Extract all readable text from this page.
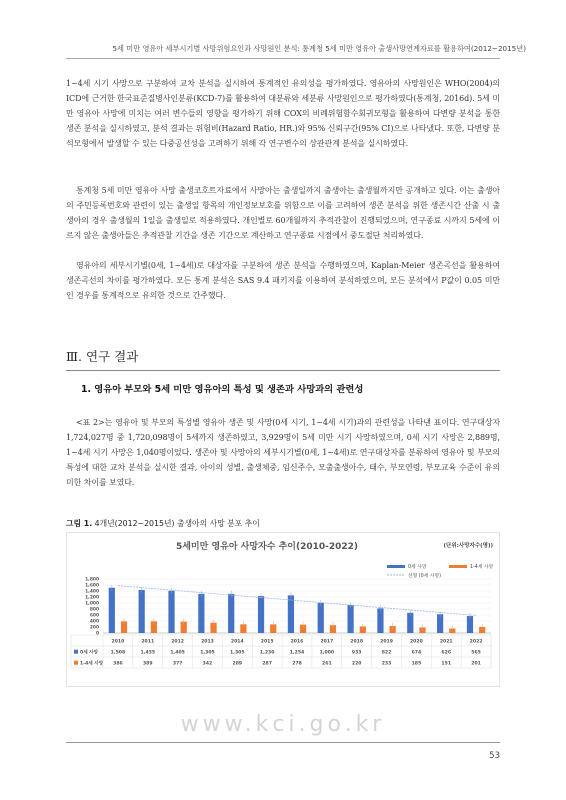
5세 미만 영유아 세부시기별 사망위험요인과 사망원인 분석: 통계청 5세 미만 영유아 출생사망연계자료를 활용하여(2012~2015년)

1~4세 시기 사망으로 구분하여 교차 분석을 실시하여 통계적인 유의성을 평가하였다. 영유아의 사망원인은 WHO(2004)의 ICD에 근거한 한국표준질병사인분류(KCD-7)를 활용하여 대분류와 세분류 사망원인으로 평가하였다(통계청, 2016d). 5세 미만 영유아 사망에 미치는 여러 변수들의 영향을 평가하기 위해 COX의 비례위험함수회귀모형을 활용하여 다변량 분석을 통한 생존 분석을 실시하였고, 분석 결과는 위험비(Hazard Ratio, HR.)와 95% 신뢰구간(95% CI)으로 나타냈다. 또한, 다변량 분석모형에서 발생할 수 있는 다중공선성을 고려하기 위해 각 연구변수의 상관관계 분석을 실시하였다.

통계청 5세 미만 영유아 사망 출생코호트자료에서 사망아는 출생일까지 출생아는 출생월까지만 공개하고 있다. 이는 출생아의 주민등록번호와 관련이 있는 출생일 항목의 개인정보보호를 위함으로 이를 고려하여 생존 분석을 위한 생존시간 산출 시 출생아의 경우 출생월의 1일을 출생일로 적용하였다. 개인별로 60개월까지 추적관찰이 진행되었으며, 연구종료 시까지 5세에 이르지 않은 출생아들은 추적관찰 기간을 생존 기간으로 계산하고 연구종료 시점에서 중도절단 처리하였다.

영유아의 세부시기별(0세, 1~4세)로 대상자를 구분하여 생존 분석을 수행하였으며, Kaplan-Meier 생존곡선을 활용하여 생존곡선의 차이를 평가하였다. 모든 통계 분석은 SAS 9.4 패키지를 이용하여 분석하였으며, 모든 분석에서 P값이 0.05 미만인 경우를 통계적으로 유의한 것으로 간주했다.

Ⅲ. 연구 결과
1. 영유아 부모와 5세 미만 영유아의 특성 및 생존과 사망과의 관련성

<표 2>는 영유아 및 부모의 특성별 영유아 생존 및 사망(0세 시기, 1~4세 시기)과의 관련성을 나타낸 표이다. 연구대상자 1,724,027명 중 1,720,098명이 5세까지 생존하였고, 3,929명이 5세 미만 시기 사망하였으며, 0세 시기 사망은 2,889명, 1~4세 시기 사망은 1,040명이었다. 생존아 및 사망아의 세부시기별(0세, 1~4세)로 연구대상자를 분류하여 영유아 및 부모의 특성에 대한 교차 분석을 실시한 결과, 아이의 성별, 출생체중, 임신주수, 모출출생아수, 태수, 부모연령, 부모교육 수준이 유의미한 차이를 보였다.

그림 1. 4개년(2012~2015년) 출생아의 사망 분포 추이
5세미만 영유아 사망자수 추이(2010-2022)	(단위:사망자수(명))
0세 사망	1-4세 사망
선형 (0세 사망)
0
200
400
600
800
1,000
1,200
1,400
1,600
1,800
2010	2011	2012	2013	2014	2015	2016	2017	2018	2019	2020	2021	2022
0세 사망	1,508	1,435	1,405	1,305	1,305	1,230	1,254	1,000	933	822	674	626	565
1-4세 사망 386	389	377	342	289	287	278	261	220	233	185	151	201
www.kci.go.kr
53
